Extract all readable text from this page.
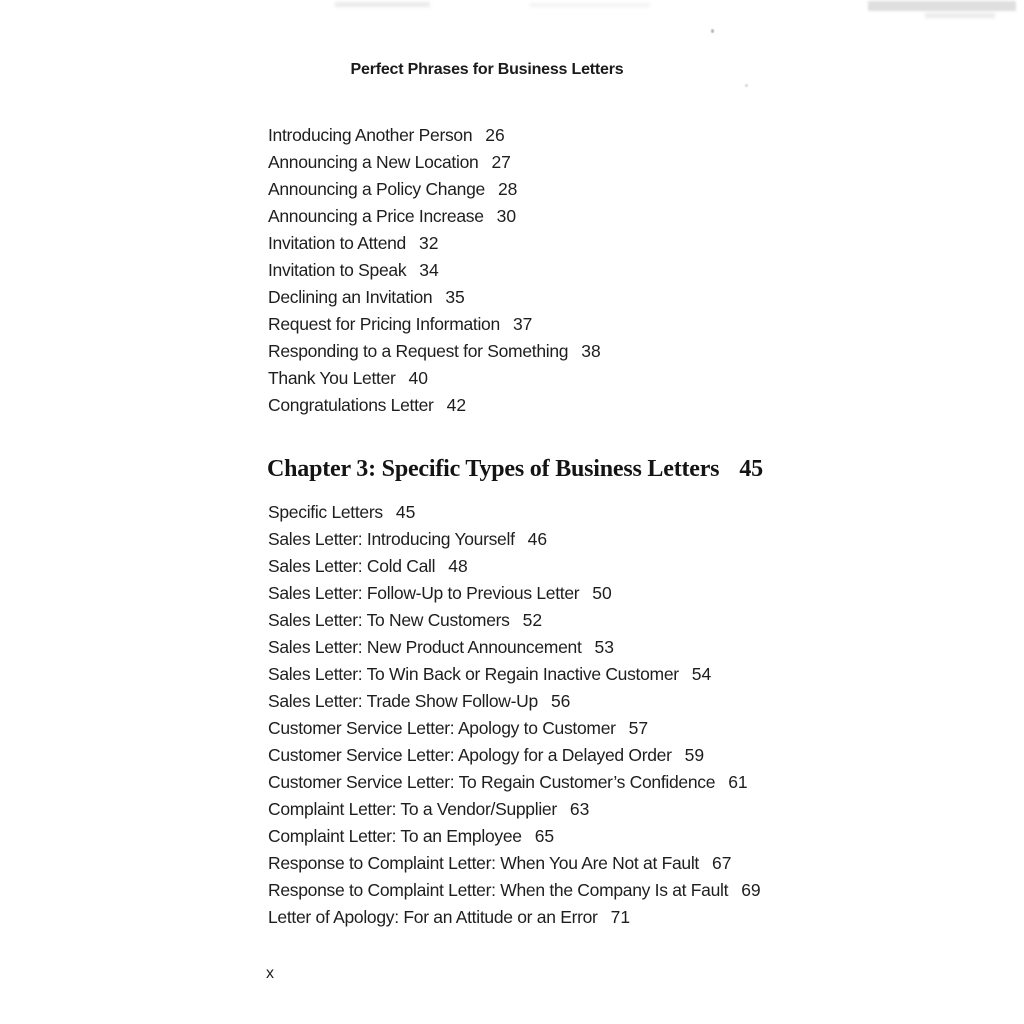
Perfect Phrases for Business Letters
Introducing Another Person 26
Announcing a New Location 27
Announcing a Policy Change 28
Announcing a Price Increase 30
Invitation to Attend 32
Invitation to Speak 34
Declining an Invitation 35
Request for Pricing Information 37
Responding to a Request for Something 38
Thank You Letter 40
Congratulations Letter 42
Chapter 3: Specific Types of Business Letters 45
Specific Letters 45
Sales Letter: Introducing Yourself 46
Sales Letter: Cold Call 48
Sales Letter: Follow-Up to Previous Letter 50
Sales Letter: To New Customers 52
Sales Letter: New Product Announcement 53
Sales Letter: To Win Back or Regain Inactive Customer 54
Sales Letter: Trade Show Follow-Up 56
Customer Service Letter: Apology to Customer 57
Customer Service Letter: Apology for a Delayed Order 59
Customer Service Letter: To Regain Customer’s Confidence 61
Complaint Letter: To a Vendor/Supplier 63
Complaint Letter: To an Employee 65
Response to Complaint Letter: When You Are Not at Fault 67
Response to Complaint Letter: When the Company Is at Fault 69
Letter of Apology: For an Attitude or an Error 71
x
